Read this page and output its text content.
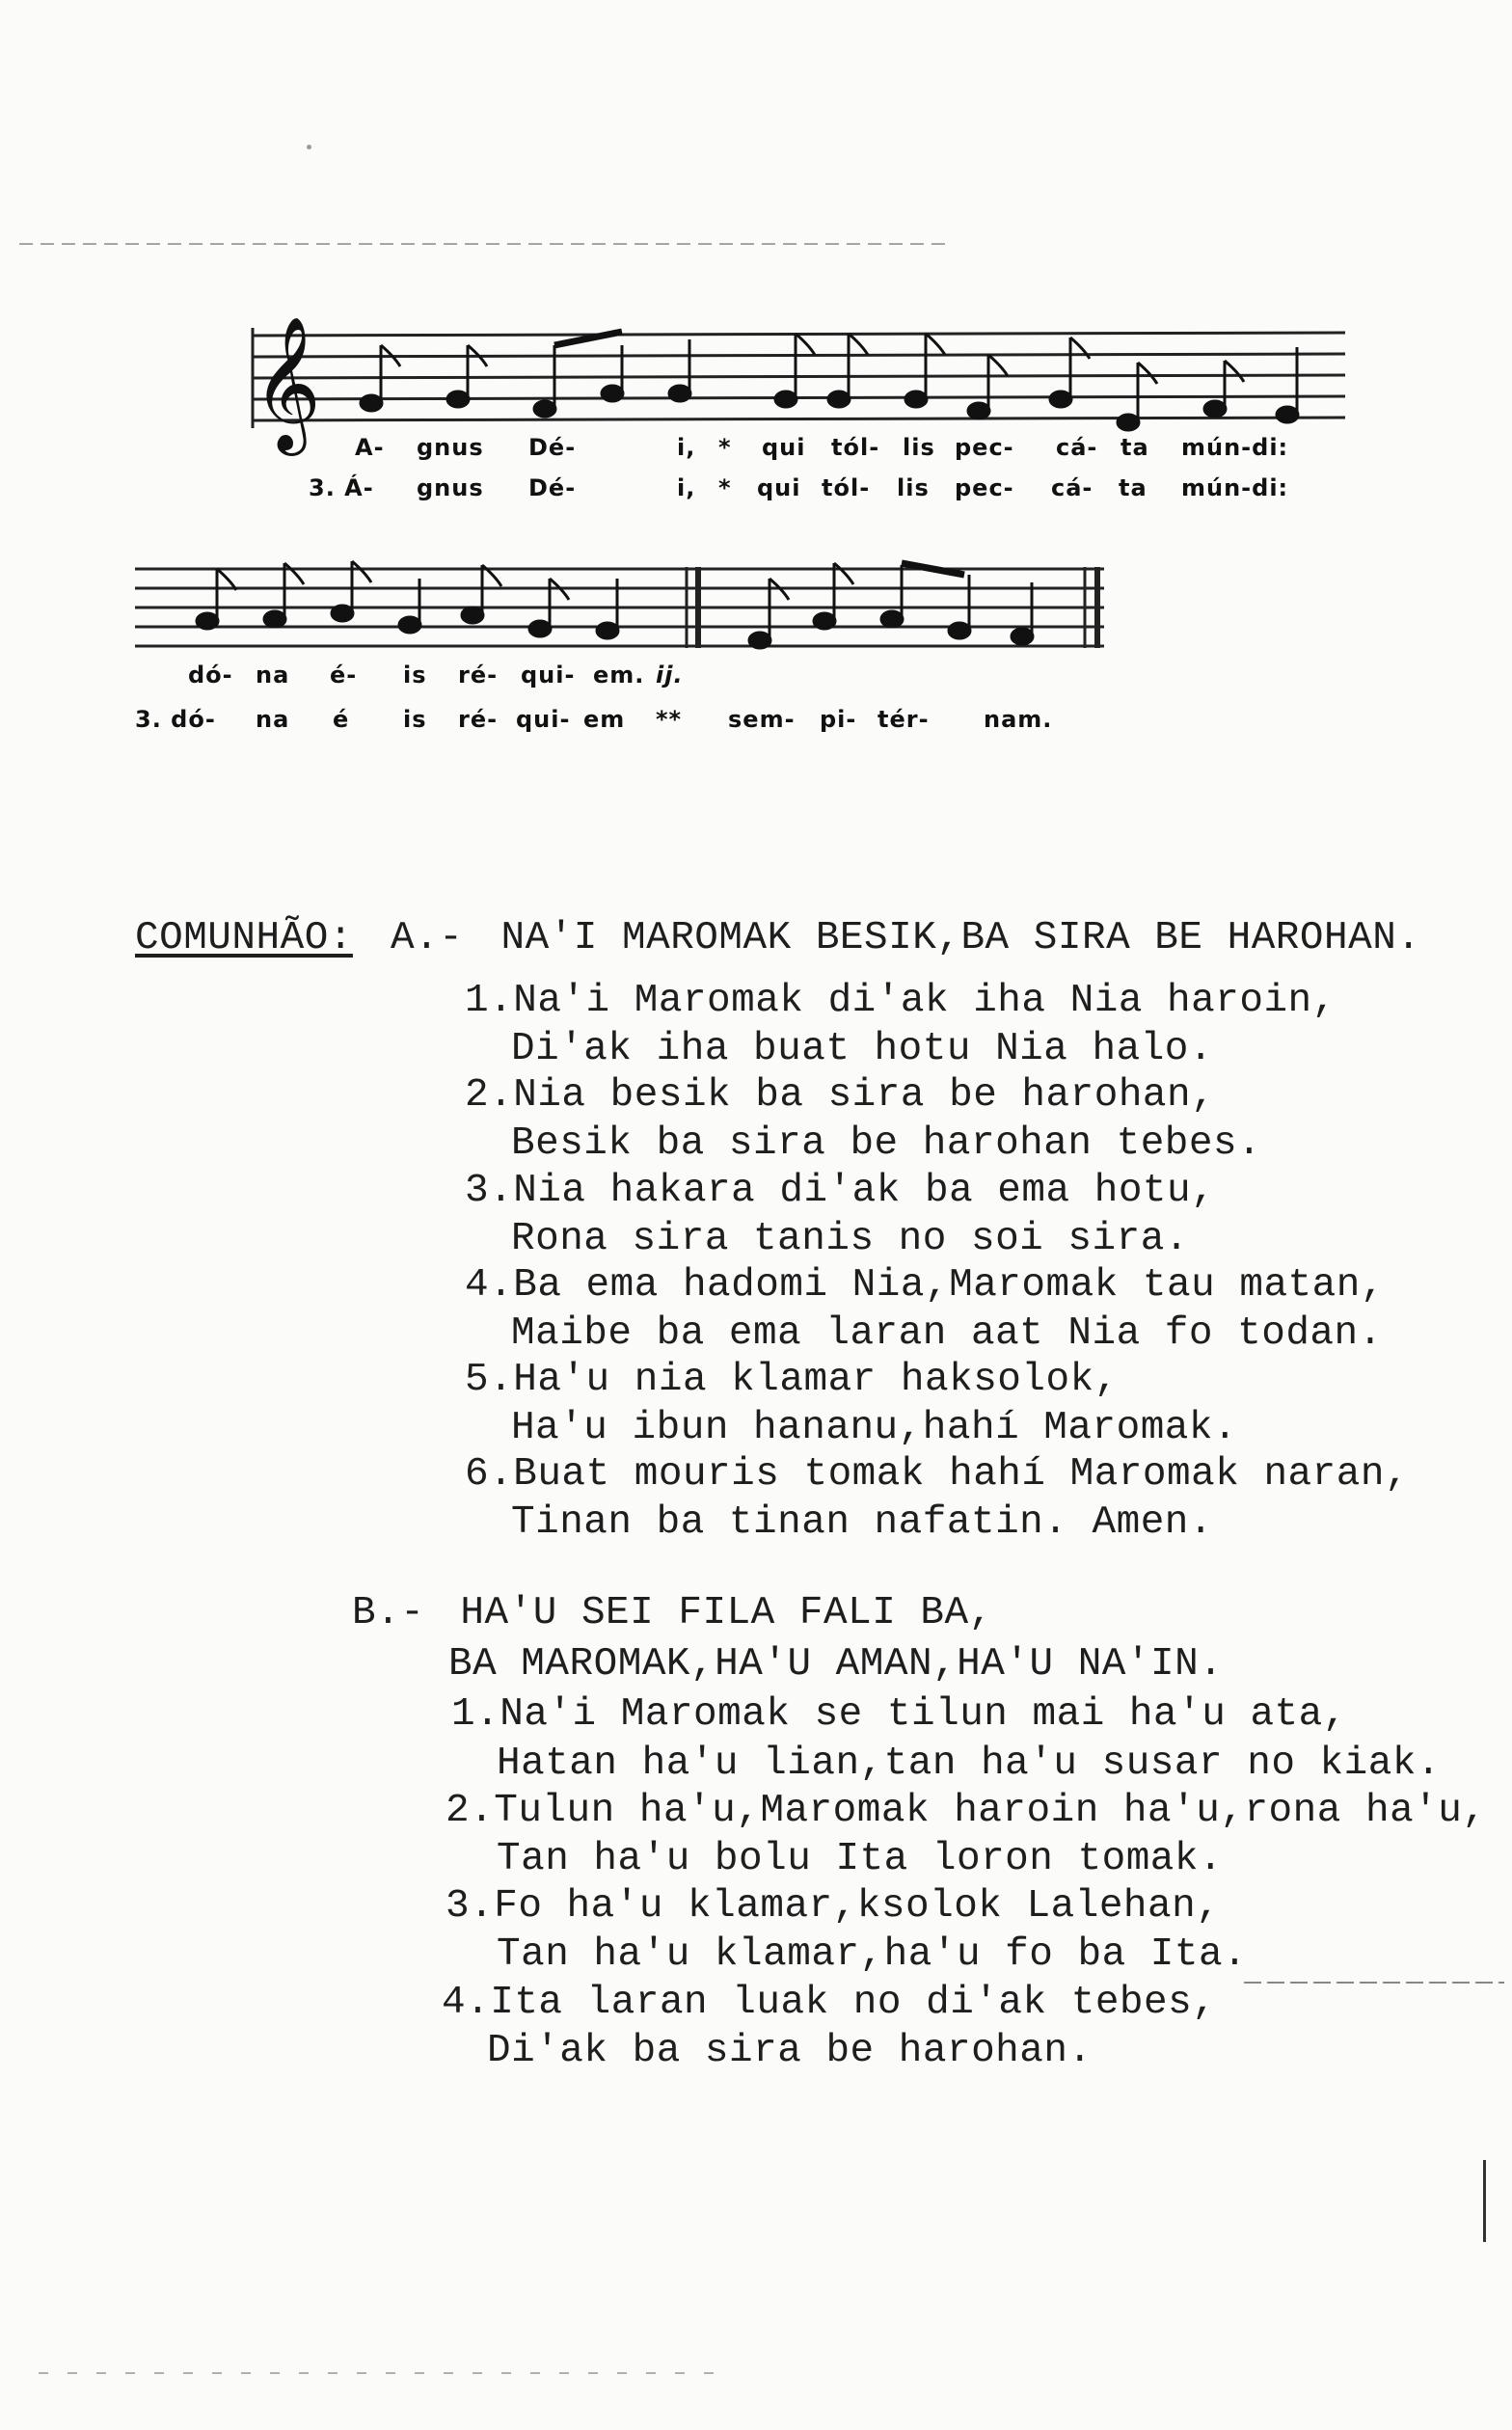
𝄞 A- gnus Dé-	i, * qui tól- lis pec- cá- ta mún-di:
3. Á- gnus Dé-	i, * qui tól- lis pec- cá- ta mún-di:
dó- na é- is ré- qui- em. ij.
3. dó- na é is ré- qui- em ** sem- pi- tér- nam.
COMUNHÃO: A.- NA'I MAROMAK BESIK,BA SIRA BE HAROHAN.
1.Na'i Maromak di'ak iha Nia haroin,
Di'ak iha buat hotu Nia halo.
2.Nia besik ba sira be harohan,
Besik ba sira be harohan tebes.
3.Nia hakara di'ak ba ema hotu,
Rona sira tanis no soi sira.
4.Ba ema hadomi Nia,Maromak tau matan,
Maibe ba ema laran aat Nia fo todan.
5.Ha'u nia klamar haksolok,
Ha'u ibun hananu,hahí Maromak.
6.Buat mouris tomak hahí Maromak naran,
Tinan ba tinan nafatin. Amen.
B.- HA'U SEI FILA FALI BA,
BA MAROMAK,HA'U AMAN,HA'U NA'IN.
1.Na'i Maromak se tilun mai ha'u ata,
Hatan ha'u lian,tan ha'u susar no kiak.
2.Tulun ha'u,Maromak haroin ha'u,rona ha'u,
Tan ha'u bolu Ita loron tomak.
3.Fo ha'u klamar,ksolok Lalehan,
Tan ha'u klamar,ha'u fo ba Ita.
4.Ita laran luak no di'ak tebes,
Di'ak ba sira be harohan.
